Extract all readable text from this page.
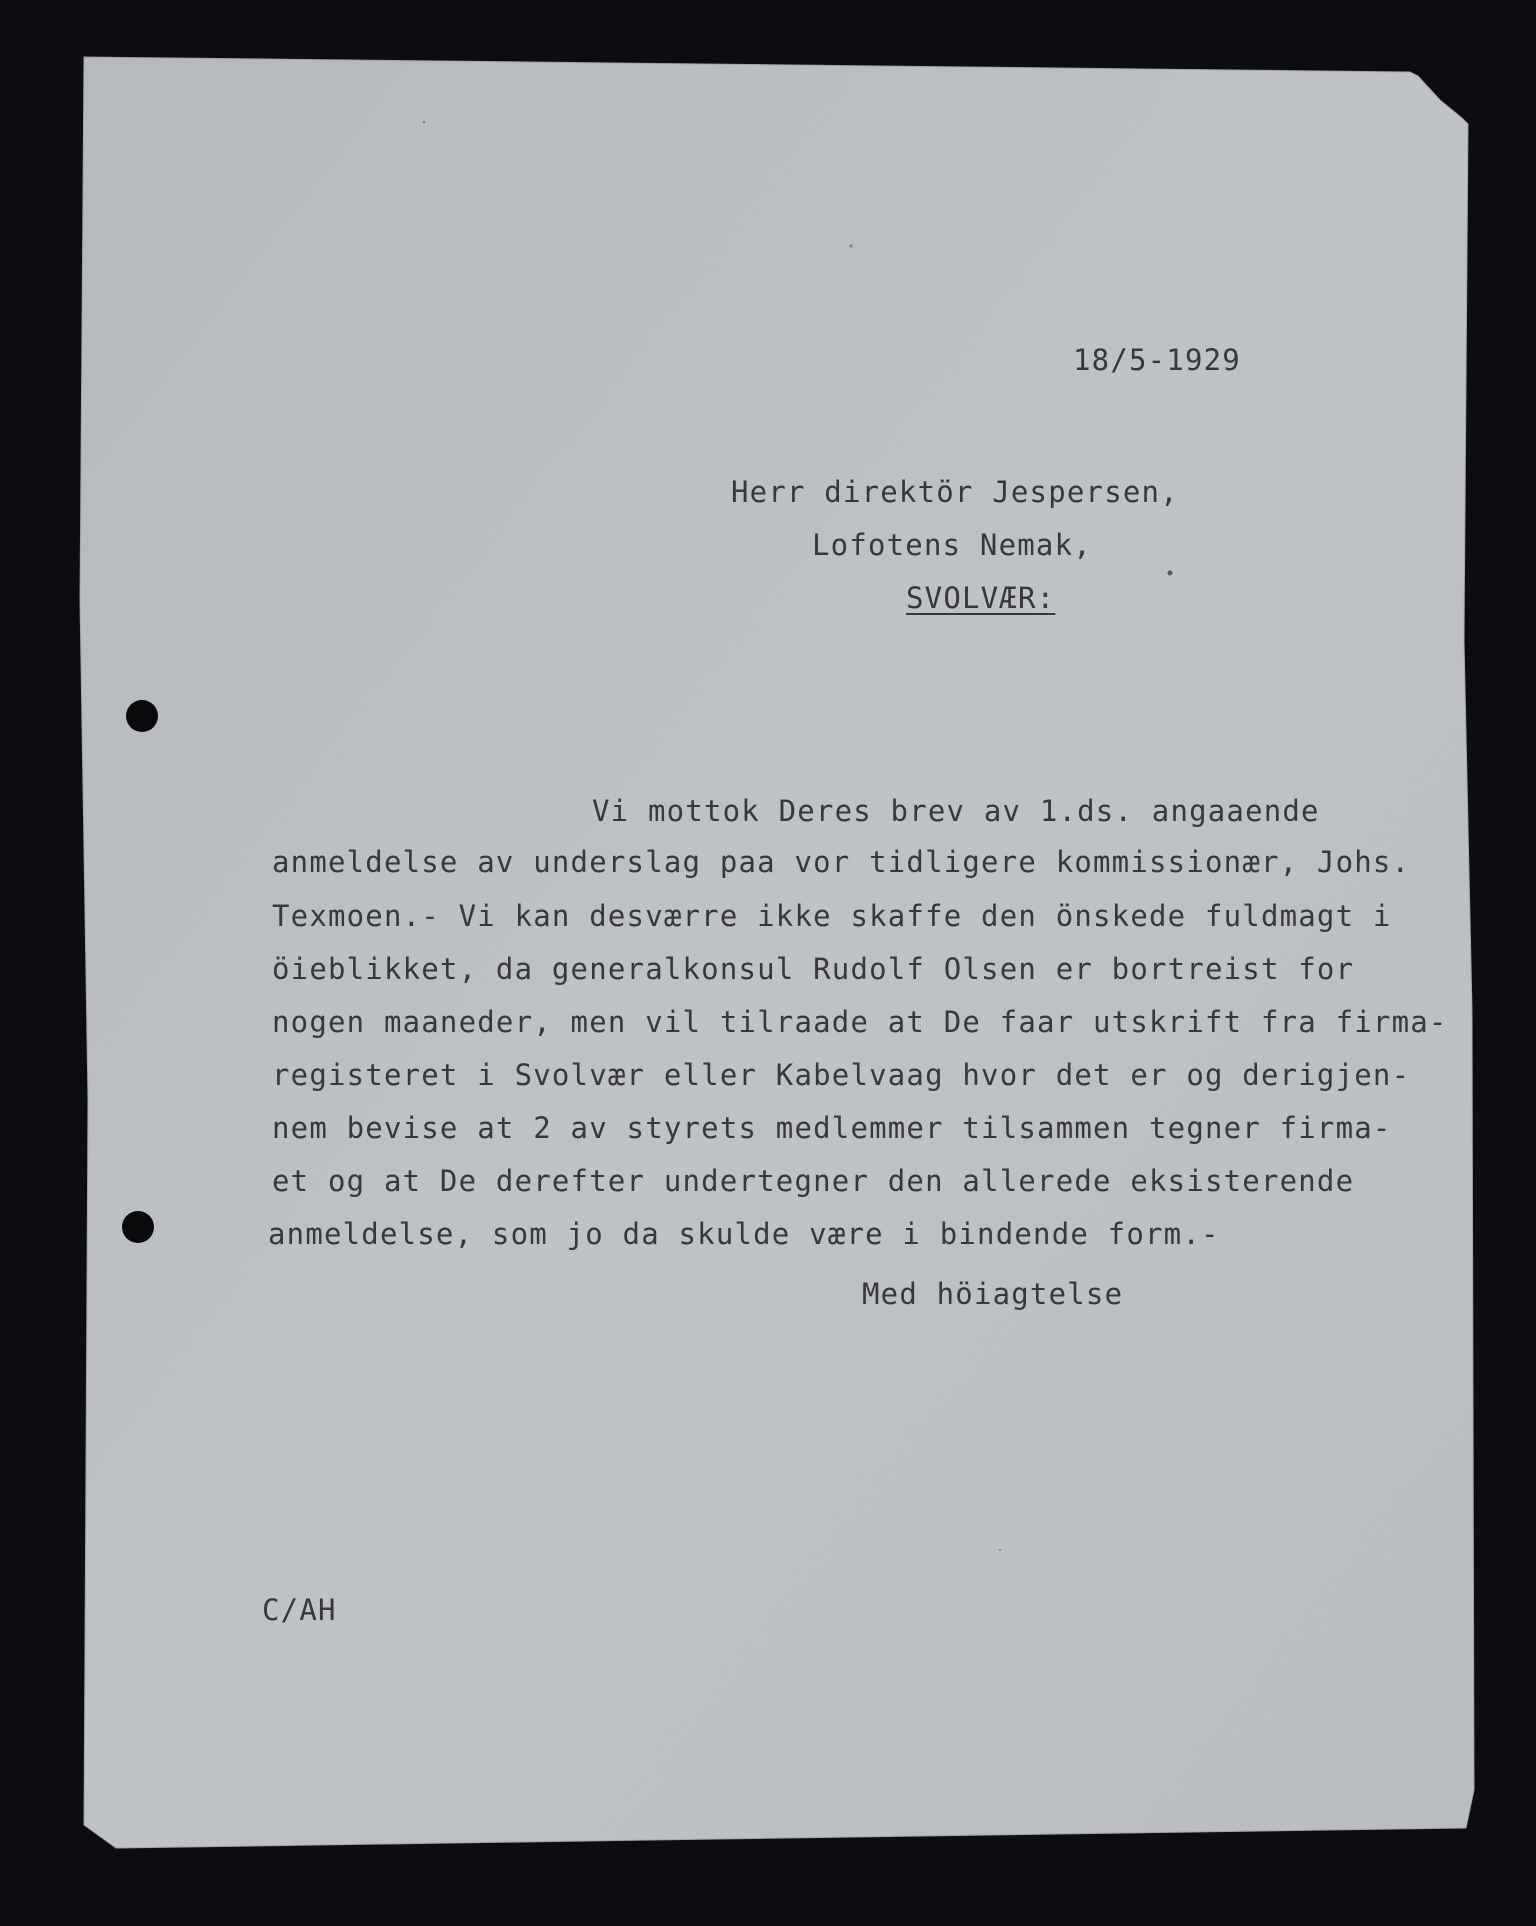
18/5-1929
Herr direktör Jespersen,
Lofotens Nemak,
SVOLVÆR:
Vi mottok Deres brev av 1.ds. angaaende
anmeldelse av underslag paa vor tidligere kommissionær, Johs.
Texmoen.- Vi kan desværre ikke skaffe den önskede fuldmagt i
öieblikket, da generalkonsul Rudolf Olsen er bortreist for
nogen maaneder, men vil tilraade at De faar utskrift fra firma-
registeret i Svolvær eller Kabelvaag hvor det er og derigjen-
nem bevise at 2 av styrets medlemmer tilsammen tegner firma-
et og at De derefter undertegner den allerede eksisterende
anmeldelse, som jo da skulde være i bindende form.-
Med höiagtelse
C/AH
